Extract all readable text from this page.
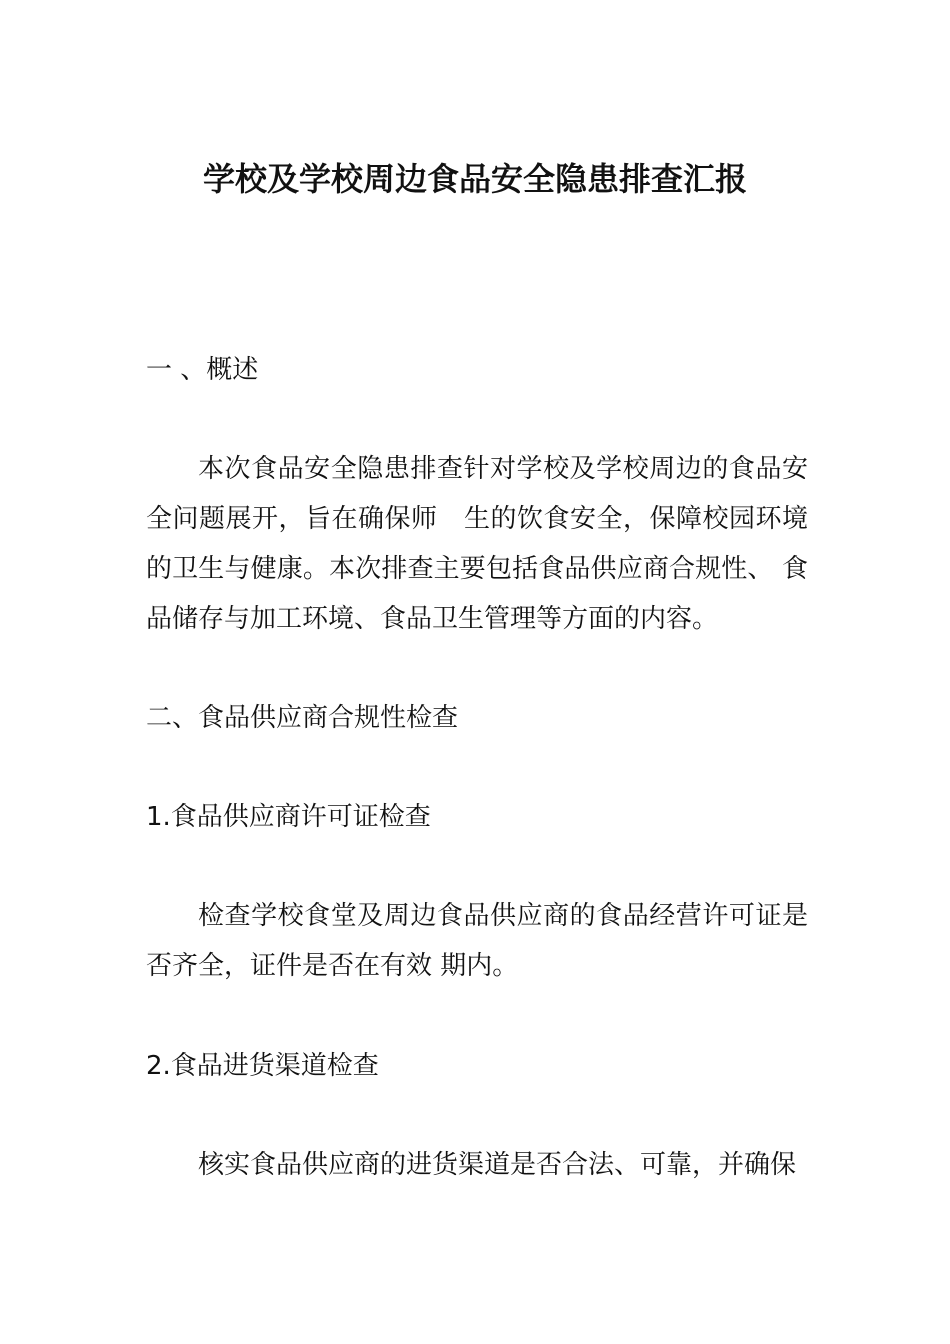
学校及学校周边食品安全隐患排查汇报

一 、概述

本次食品安全隐患排查针对学校及学校周边的食品安全问题展开，旨在确保师　生的饮食安全，保障校园环境的卫生与健康。本次排查主要包括食品供应商合规性、 食品储存与加工环境、食品卫生管理等方面的内容。

二、食品供应商合规性检查

1.食品供应商许可证检查

检查学校食堂及周边食品供应商的食品经营许可证是否齐全，证件是否在有效 期内。

2.食品进货渠道检查

核实食品供应商的进货渠道是否合法、可靠，并确保
